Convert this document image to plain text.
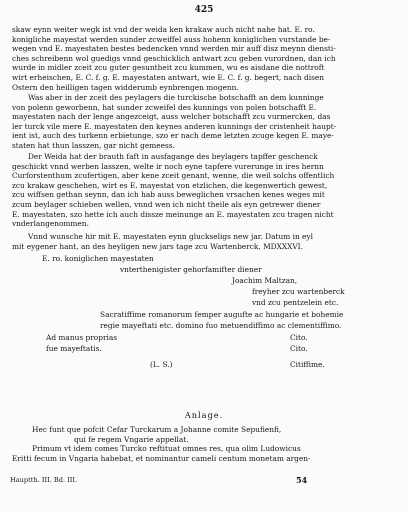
425
skaw eynn weiter wegk ist vnd der weida ken krakaw auch nicht nahe hat. E. ro.
konigliche mayestat werden sunder zcweiffel auss hohenn koniglichen vurstande be-
wegen vnd E. mayestaten bestes bedencken vnnd werden mir auff disz meynn diensti-
ches schreibenn wol guedigs vnnd geschicklich antwart zcu geben vurordnen, dan ich
wurde in midler zceit zcu guter gesuntheit zcu kummen, wu es aisdane die nottroft
wirt erheischen, E. C. f. g. E. mayestaten antwart, wie E. C. f. g. begert, nach disen
Ostern den heilligen tagen widderumb eynbrengen mogenn.
Was aber in der zceit des peylagers die turckische botschafft an dem kunninge
von polenn geworbenn, hat sunder zcweifel des kunnings von polen botschafft E.
mayestaten nach der lenge angezceigt, auss welcher botschafft zcu vurmercken, das
ler turck vile mere E. mayestaten den keynes anderen kunnings der cristenheit haupt-
ient ist, auch des turkenn erbietunge, szo er nach deme letzten zcuge kegen E. maye-
staten hat thun lasszen, gar nicht gemeess.
Der Weida hat der brauth faft in ausfagange des beylagers tapffer geschenck
geschickt vnnd werben lasszen, welte ir noch eyne tapfere vurerunge in ires hernn
Curforstenthum zcufertigen, aber kene zceit genant, wenne, die weil solchs offentlich
zcu krakaw geschehen, wirt es E. mayestat von etzlichen, die kegenwertich gewest,
zcu wiffsen gethan seynn, dan ich hab auss beweglichen vrsachen kenes weges mit
zcum beylager schieben wellen, vnnd wen ich nicht theile als eyn getrewer diener
E. mayestaten, szo hette ich auch dissze meinunge an E. mayestaten zcu tragen nicht
vnderlangenommen.
Vnnd wunsche hir mit E. mayestaten eynn gluckseligs new jar. Datum in eyl
mit eygener hant, an des heyligen new jars tage zcu Wartenberck, MDXXXVI.
E. ro. koniglichen mayestaten
vnterthenigister gehorfamifter diener
Joachim Maltzan,
freyher zcu wartenberck
vnd zcu pentzelein etc.
Sacratiffime romanorum femper augufte ac hungarie et bohemie
regie mayeftati etc. domino fuo metuendiffimo ac clementiffimo.
Ad manus proprias	Cito.
fue mayeftatis.	Cito.
(L. S.)	Citiffime.
Anlage.
Hec funt que pofcit Cefar Turckarum a Johanne comite Sepufienfi,
qui fe regem Vngarie appellat.
Primum vt idem comes Turcko reftituat omnes res, qua olim Ludowicus
Eritti fecum in Vngaria habebat, et nominantur cameli centum monetam argen-
Hauptth. III. Bd. III.	54
